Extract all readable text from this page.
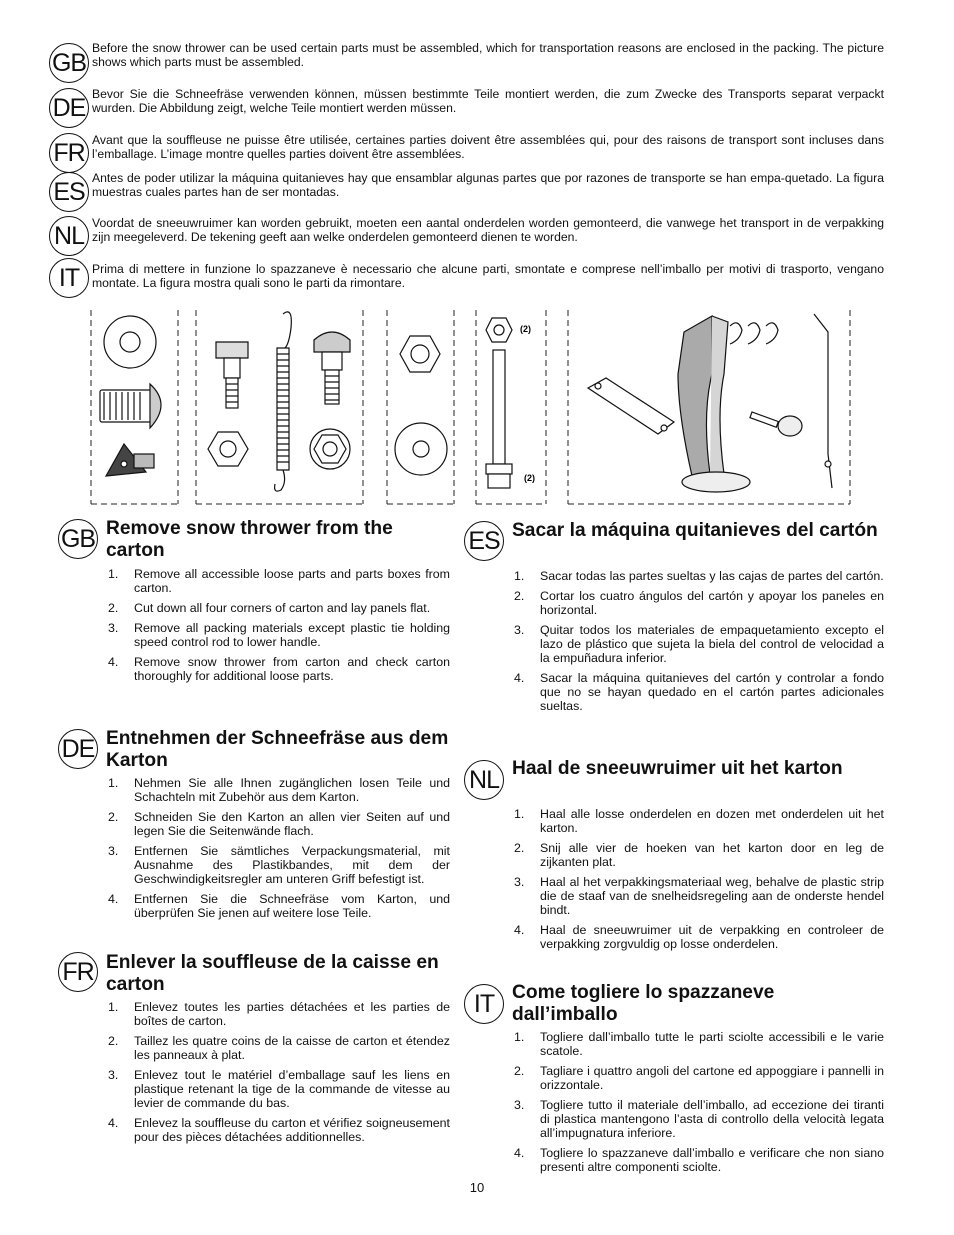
GB
Before the snow thrower can be used certain parts must be assembled, which for transportation reasons are enclosed in the packing. The picture shows which parts must be assembled.
DE Bevor Sie die Schneefräse verwenden können, müssen bestimmte Teile montiert werden, die zum Zwecke des Transports separat verpackt wurden. Die Abbildung zeigt, welche Teile montiert werden müssen.
FR Avant que la souffleuse ne puisse être utilisée, certaines parties doivent être assemblées qui, pour des raisons de transport sont incluses dans l’emballage. L’image montre quelles parties doivent être assemblées.
ES Antes de poder utilizar la máquina quitanieves hay que ensamblar algunas partes que por razones de transporte se han empa-quetado. La figura muestras cuales partes han de ser montadas.
NL Voordat de sneeuwruimer kan worden gebruikt, moeten een aantal onderdelen worden gemonteerd, die vanwege het transport in de verpakking zijn meegeleverd. De tekening geeft aan welke onderdelen gemonteerd dienen te worden.
IT	Prima di mettere in funzione lo spazzaneve è necessario che alcune parti, smontate e comprese nell’imballo per motivi di trasporto, vengano montate. La figura mostra quali sono le parti da rimontare.
(2)
(2)
GB Remove snow thrower from the carton
1. Remove all accessible loose parts and parts boxes from carton.
2. Cut down all four corners of carton and lay panels flat.
3. Remove all packing materials except plastic tie holding speed control rod to lower handle.
4. Remove snow thrower from carton and check carton thoroughly for additional loose parts.
DE Entnehmen der Schneefräse aus dem Karton
1. Nehmen Sie alle Ihnen zugänglichen losen Teile und Schachteln mit Zubehör aus dem Karton.
2. Schneiden Sie den Karton an allen vier Seiten auf und legen Sie die Seitenwände flach.
3. Entfernen Sie sämtliches Verpackungsmaterial, mit Ausnahme des Plastikbandes, mit dem der Geschwindigkeitsregler am unteren Griff befestigt ist.
4. Entfernen Sie die Schneefräse vom Karton, und überprüfen Sie jenen auf weitere lose Teile.
FR Enlever la souffleuse de la caisse en carton
1. Enlevez toutes les parties détachées et les parties de boîtes de carton.
2. Taillez les quatre coins de la caisse de carton et étendez les panneaux à plat.
3. Enlevez tout le matériel d’emballage sauf les liens en plastique retenant la tige de la commande de vitesse au levier de commande du bas.
4. Enlevez la souffleuse du carton et vérifiez soigneusement pour des pièces détachées additionnelles.
ES Sacar la máquina quitanieves del cartón
1. Sacar todas las partes sueltas y las cajas de partes del cartón.
2. Cortar los cuatro ángulos del cartón y apoyar los paneles en horizontal.
3. Quitar todos los materiales de empaquetamiento excepto el lazo de plástico que sujeta la biela del control de velocidad a la empuñadura inferior.
4. Sacar la máquina quitanieves del cartón y controlar a fondo que no se hayan quedado en el cartón partes adicionales sueltas.
NL Haal de sneeuwruimer uit het karton
1. Haal alle losse onderdelen en dozen met onderdelen uit het karton.
2. Snij alle vier de hoeken van het karton door en leg de zijkanten plat.
3. Haal al het verpakkingsmateriaal weg, behalve de plastic strip die de staaf van de snelheidsregeling aan de onderste hendel bindt.
4. Haal de sneeuwruimer uit de verpakking en controleer de verpakking zorgvuldig op losse onderdelen.
IT Come togliere lo spazzaneve dall’imballo
1. Togliere dall’imballo tutte le parti sciolte accessibili e le varie scatole.
2. Tagliare i quattro angoli del cartone ed appoggiare i pannelli in orizzontale.
3. Togliere tutto il materiale dell’imballo, ad eccezione dei tiranti di plastica mantengono l’asta di controllo della velocità legata all’impugnatura inferiore.
4. Togliere lo spazzaneve dall’imballo e verificare che non siano presenti altre componenti sciolte.
10
